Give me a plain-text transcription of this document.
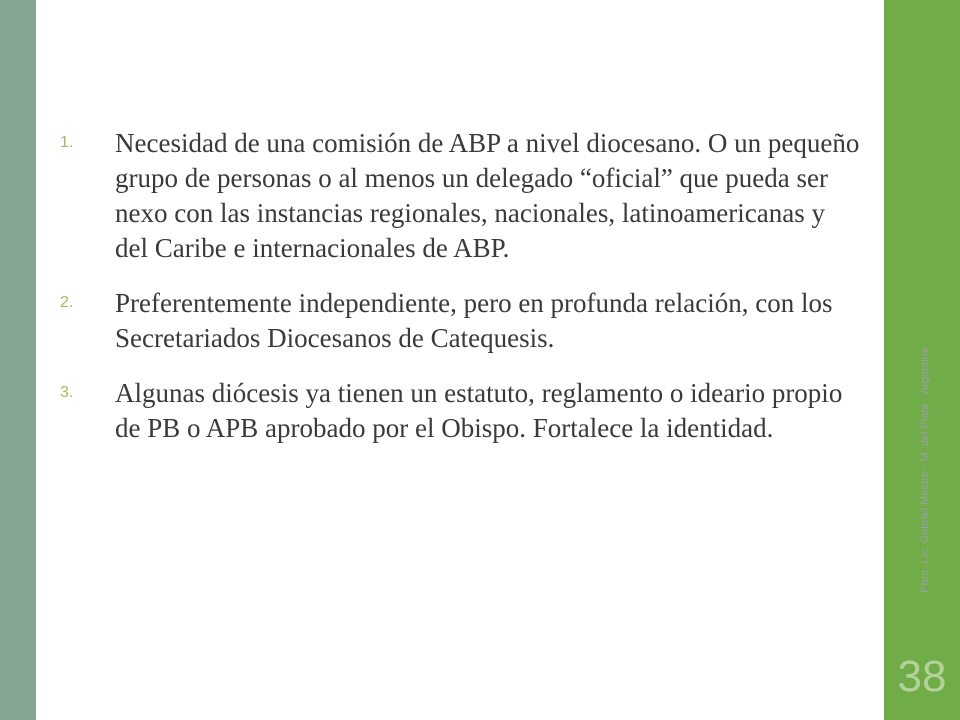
1. Necesidad de una comisión de ABP a nivel diocesano. O un pequeño grupo de personas o al menos un delegado “oficial” que pueda ser nexo con las instancias regionales, nacionales, latinoamericanas y del Caribe e internacionales de ABP.
2. Preferentemente independiente, pero en profunda relación, con los Secretariados Diocesanos de Catequesis.
3. Algunas diócesis ya tienen un estatuto, reglamento o ideario propio de PB o APB aprobado por el Obispo. Fortalece la identidad.	Pbro. Lic. Gabriel Mestre - M. del Plata - Argentina
38
